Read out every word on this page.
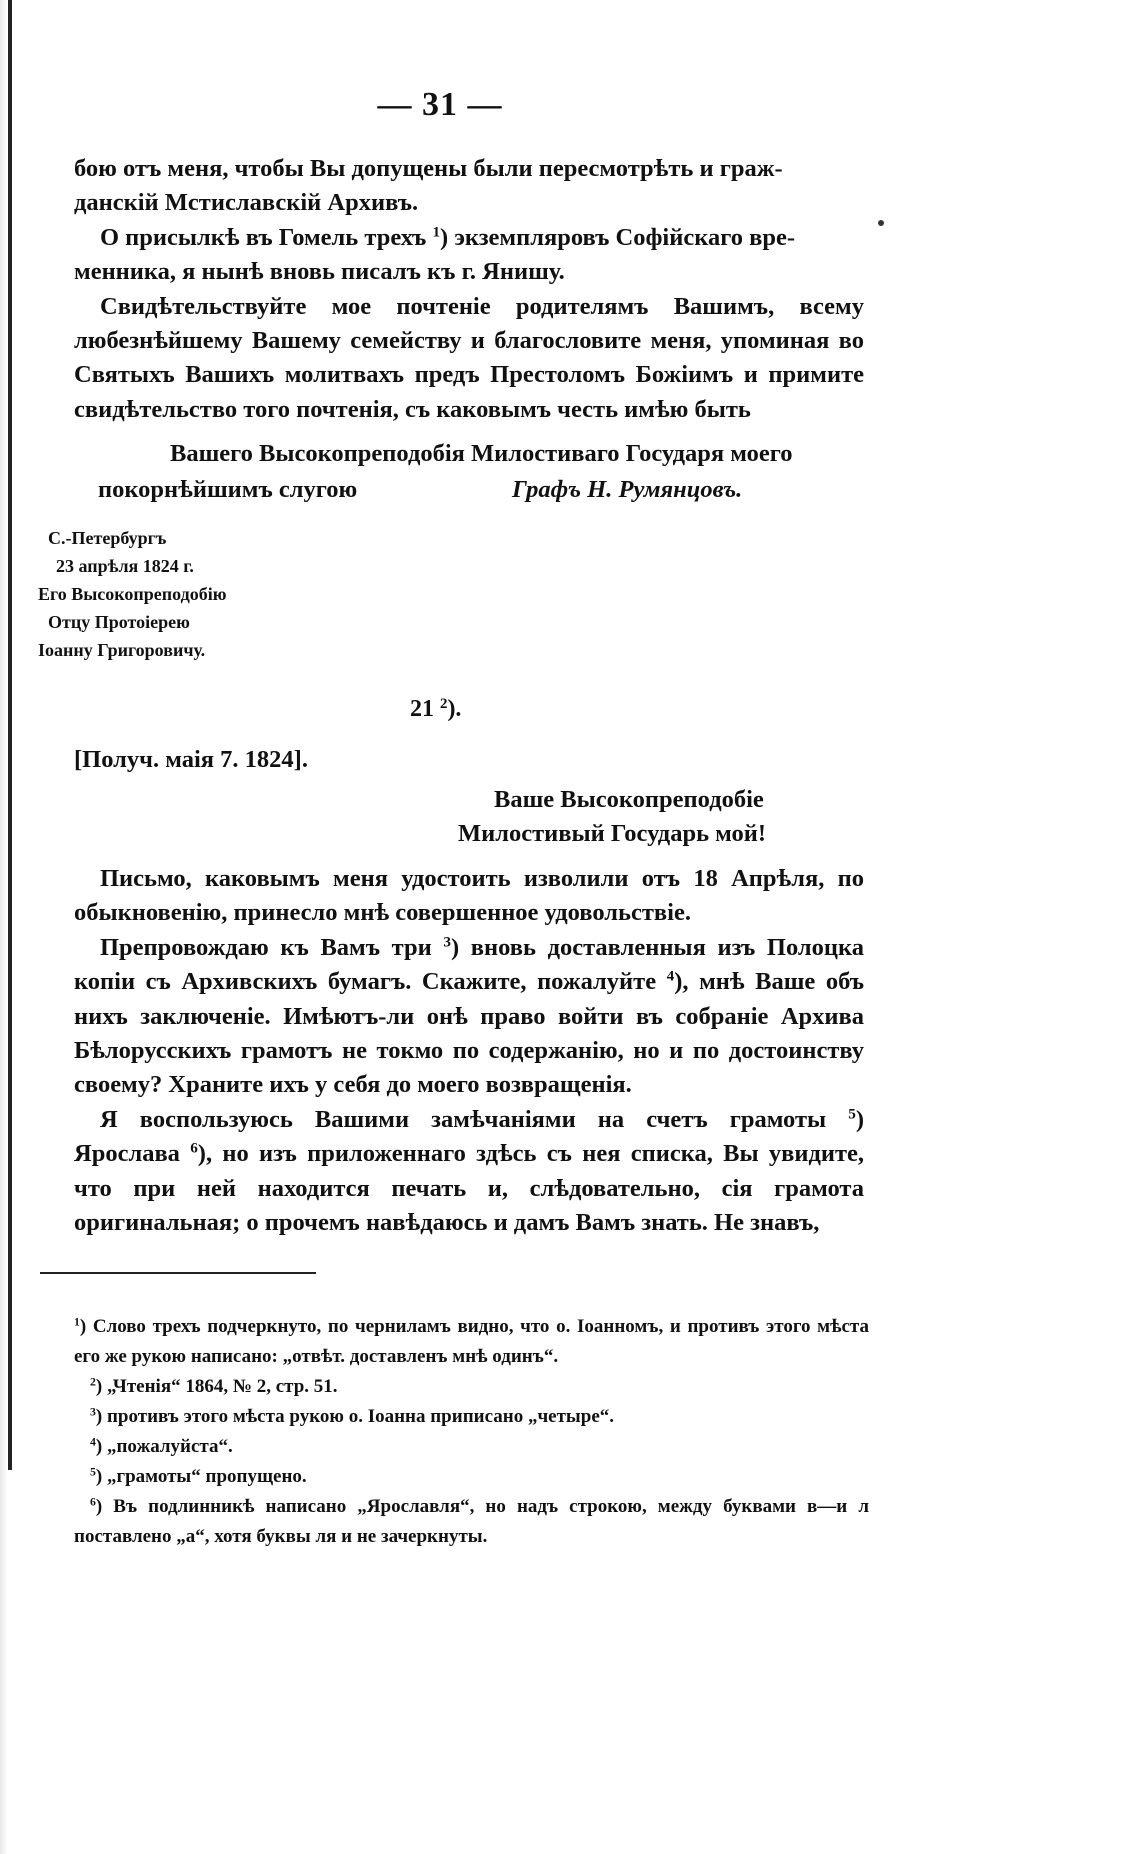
— 31 —

бою отъ меня, чтобы Вы допущены были пересмотрѣть и граж-
данскій Мстиславскій Архивъ.

О присылкѣ въ Гомель трехъ $^1$) экземпляровъ Софійскаго вре-
менника, я нынѣ вновь писалъ къ г. Янишу.

Свидѣтельствуйте мое почтеніе родителямъ Вашимъ, всему любезнѣйшему Вашему семейству и благословите меня, упоминая во Святыхъ Вашихъ молитвахъ предъ Престоломъ Божіимъ и примите свидѣтельство того почтенія, съ каковымъ честь имѣю быть

Вашего Высокопреподобія Милостиваго Государя моего
покорнѣйшимъ слугою	Графъ Н. Румянцовъ.
С.-Петербургъ
23 апрѣля 1824 г.
Его Высокопреподобію
Отцу Протоіерею
Іоанну Григоровичу.
21 $^2$).
[Получ. маія 7. 1824].
Ваше Высокопреподобіе
Милостивый Государь мой!

Письмо, каковымъ меня удостоить изволили отъ 18 Апрѣля, по обыкновенію, принесло мнѣ совершенное удовольствіе.

Препровождаю къ Вамъ три $^3$) вновь доставленныя изъ Полоцка копіи съ Архивскихъ бумагъ. Скажите, пожалуйте $^4$), мнѣ Ваше объ нихъ заключеніе. Имѣютъ-ли онѣ право войти въ собраніе Архива Бѣлорусскихъ грамотъ не токмо по содержанію, но и по достоинству своему? Храните ихъ у себя до моего возвращенія.

Я воспользуюсь Вашими замѣчаніями на счетъ грамоты $^5$) Ярослава $^6$), но изъ приложеннаго здѣсь съ нея списка, Вы увидите, что при ней находится печать и, слѣдовательно, сія грамота оригинальная; о прочемъ навѣдаюсь и дамъ Вамъ знать. Не знавъ,

$^1$) Слово трехъ подчеркнуто, по черниламъ видно, что о. Іоанномъ, и противъ этого мѣста его же рукою написано: „отвѣт. доставленъ мнѣ одинъ“.

$^2$) „Чтенія“ 1864, № 2, стр. 51.

$^3$) противъ этого мѣста рукою о. Іоанна приписано „четыре“.

$^4$) „пожалуйста“.

$^5$) „грамоты“ пропущено.

$^6$) Въ подлинникѣ написано „Ярославля“, но надъ строкою, между буквами в—и л поставлено „а“, хотя буквы ля и не зачеркнуты.
